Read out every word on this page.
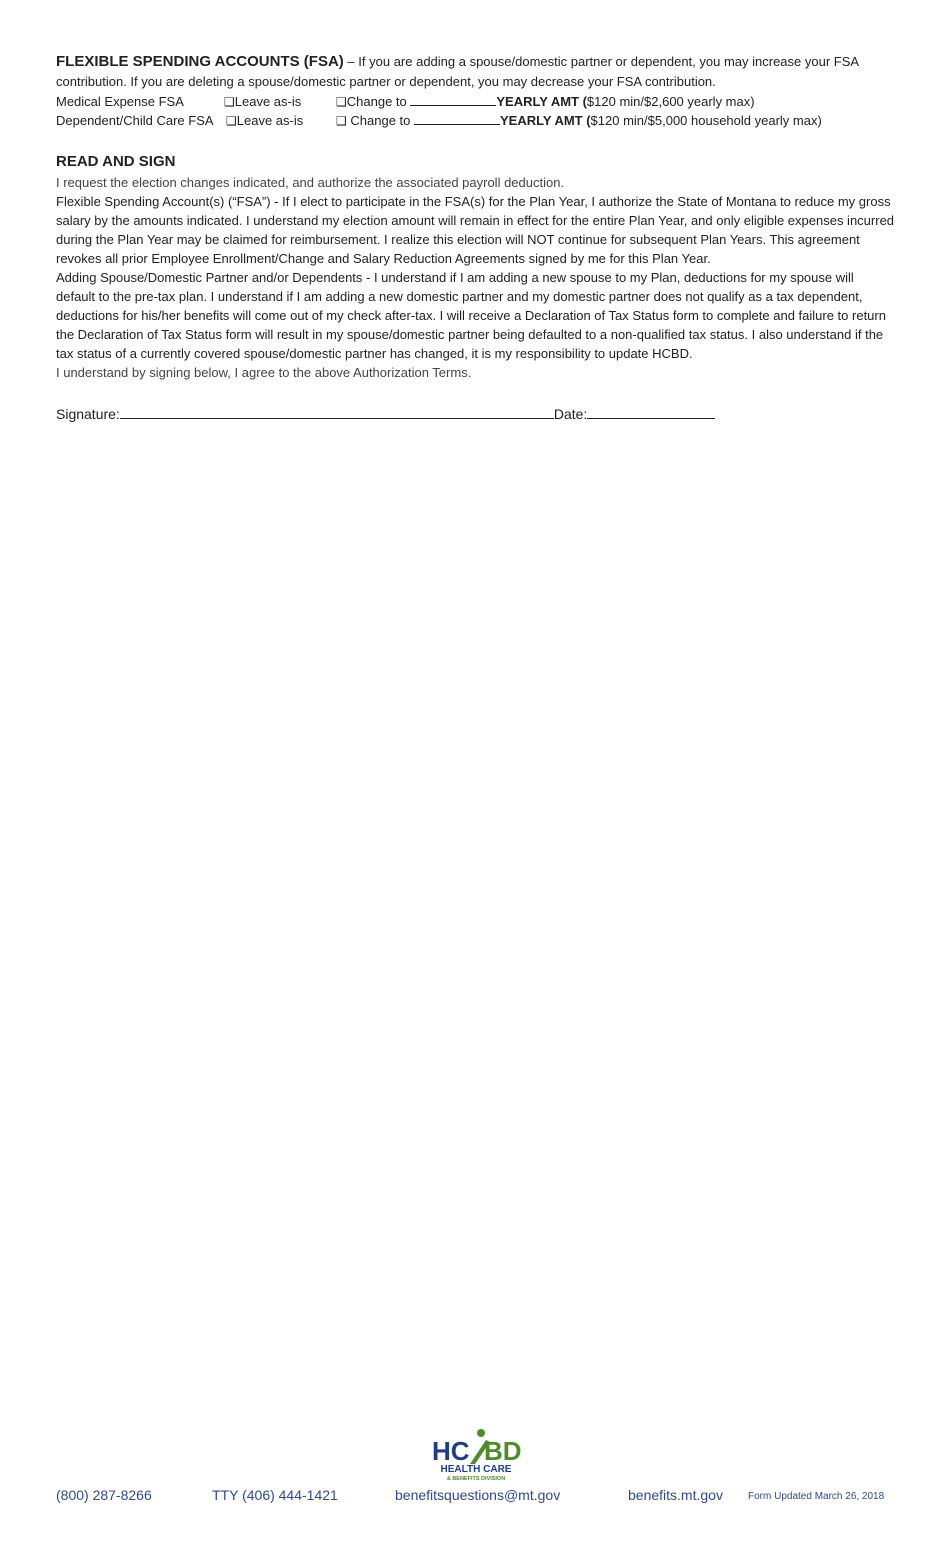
FLEXIBLE SPENDING ACCOUNTS (FSA) – If you are adding a spouse/domestic partner or dependent, you may increase your FSA contribution. If you are deleting a spouse/domestic partner or dependent, you may decrease your FSA contribution.
Medical Expense FSA	❑Leave as-is	❑Change to	YEARLY AMT ($120 min/$2,600 yearly max)
Dependent/Child Care FSA ❑Leave as-is	❑ Change to	YEARLY AMT ($120 min/$5,000 household yearly max)
READ AND SIGN

I request the election changes indicated, and authorize the associated payroll deduction.

Flexible Spending Account(s) (“FSA”) - If I elect to participate in the FSA(s) for the Plan Year, I authorize the State of Montana to reduce my gross salary by the amounts indicated. I understand my election amount will remain in effect for the entire Plan Year, and only eligible expenses incurred during the Plan Year may be claimed for reimbursement. I realize this election will NOT continue for subsequent Plan Years. This agreement revokes all prior Employee Enrollment/Change and Salary Reduction Agreements signed by me for this Plan Year.

Adding Spouse/Domestic Partner and/or Dependents - I understand if I am adding a new spouse to my Plan, deductions for my spouse will default to the pre-tax plan. I understand if I am adding a new domestic partner and my domestic partner does not qualify as a tax dependent, deductions for his/her benefits will come out of my check after-tax. I will receive a Declaration of Tax Status form to complete and failure to return the Declaration of Tax Status form will result in my spouse/domestic partner being defaulted to a non-qualified tax status. I also understand if the tax status of a currently covered spouse/domestic partner has changed, it is my responsibility to update HCBD.

I understand by signing below, I agree to the above Authorization Terms.

Signature:	Date:
HC BD
HEALTH CARE
& BENEFITS DIVISION
(800) 287-8266	TTY (406) 444-1421	benefitsquestions@mt.gov	benefits.mt.gov	Form Updated March 26, 2018
